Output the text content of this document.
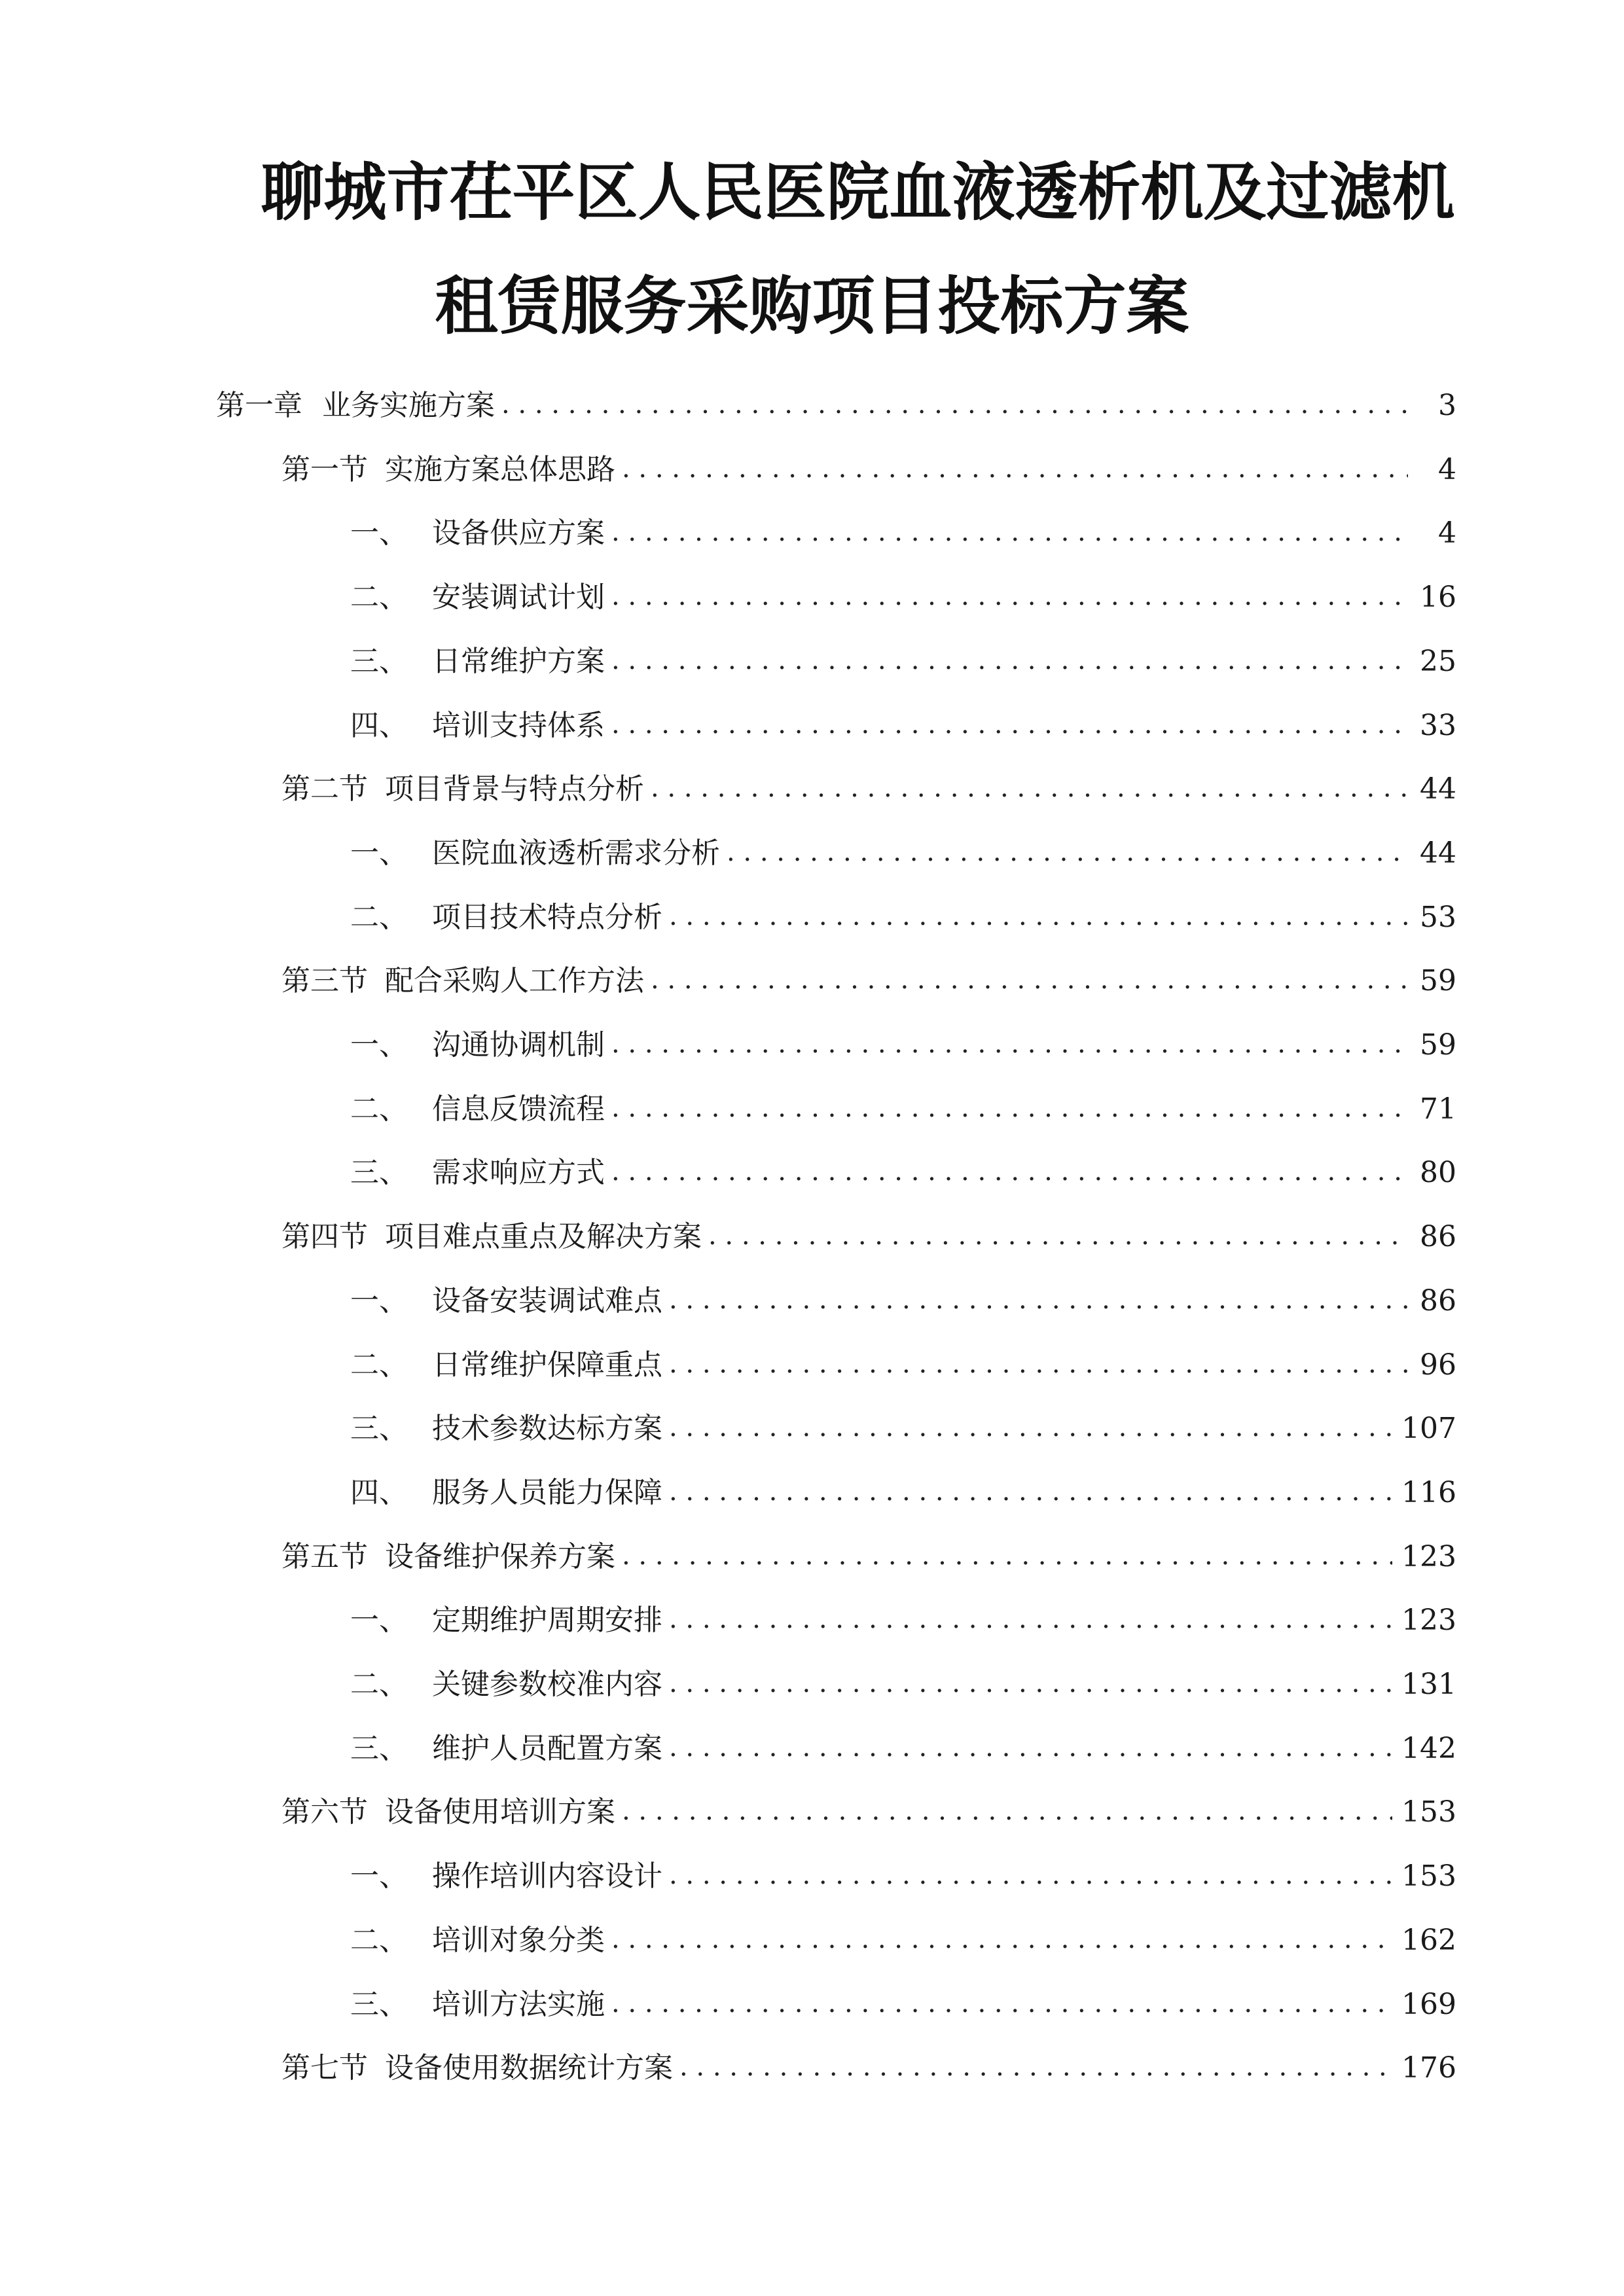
聊城市茌平区人民医院血液透析机及过滤机
租赁服务采购项目投标方案
第一章 业务实施方案 . . .	3
第一节 实施方案总体思路 . . .	4
一、 设备供应方案 . . .	4
二、 安装调试计划 . . .	16
三、 日常维护方案 . . .	25
四、 培训支持体系 . . .	33
第二节 项目背景与特点分析 . . .	44
一、 医院血液透析需求分析 . . .	44
二、 项目技术特点分析 . . .	53
第三节 配合采购人工作方法 . . .	59
一、 沟通协调机制 . . .	59
二、 信息反馈流程 . . .	71
三、 需求响应方式 . . .	80
第四节 项目难点重点及解决方案 . . .	86
一、 设备安装调试难点 . . .	86
二、 日常维护保障重点 . . .	96
三、 技术参数达标方案 . . .	107
四、 服务人员能力保障 . . .	116
第五节 设备维护保养方案 . . .	123
一、 定期维护周期安排 . . .	123
二、 关键参数校准内容 . . .	131
三、 维护人员配置方案 . . .	142
第六节 设备使用培训方案 . . .	153
一、 操作培训内容设计 . . .	153
二、 培训对象分类 . . .	162
三、 培训方法实施 . . .	169
第七节 设备使用数据统计方案 . . .	176
